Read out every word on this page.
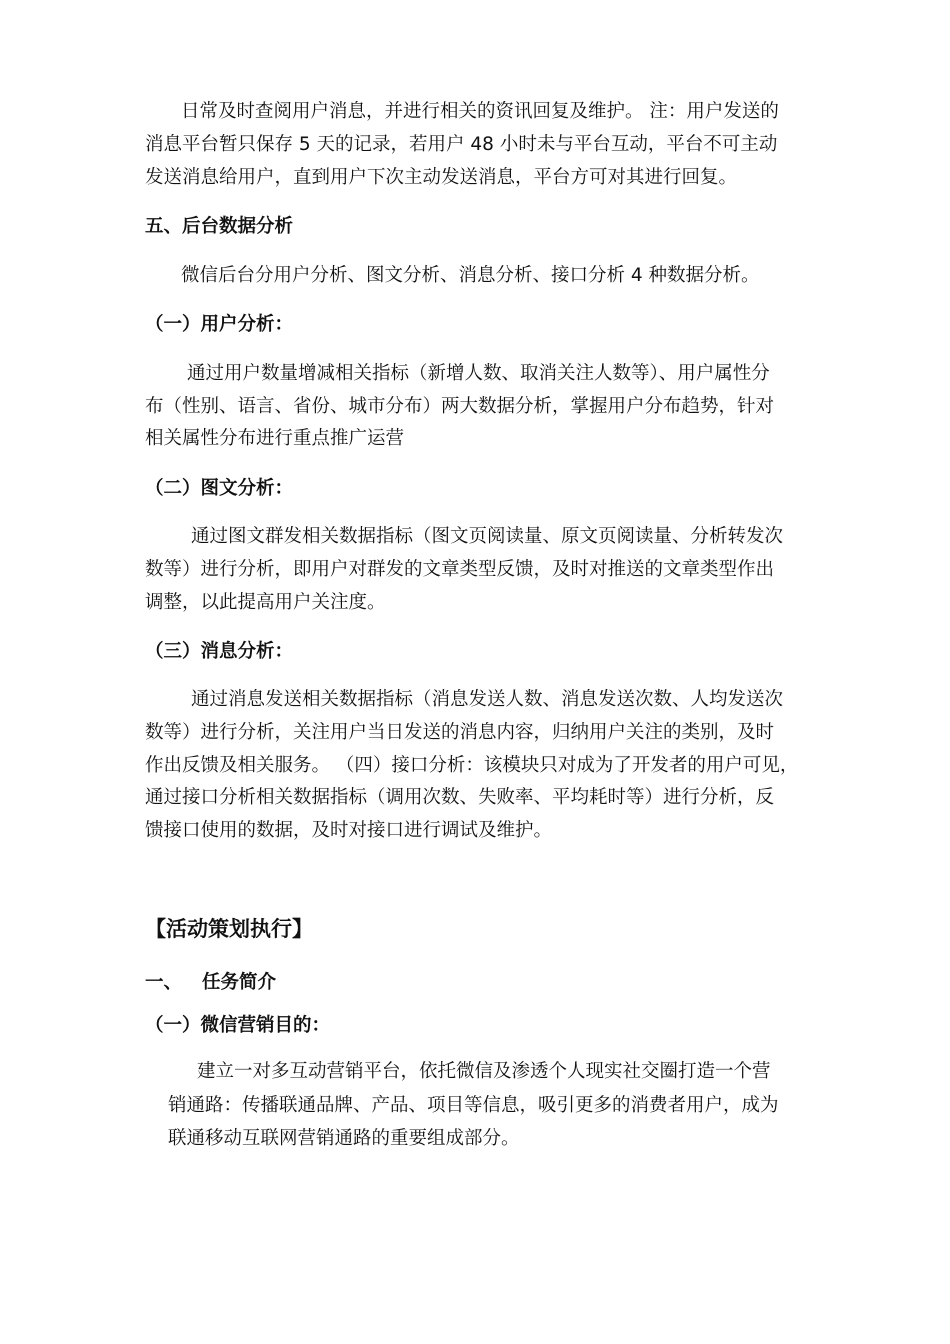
日常及时查阅用户消息，并进行相关的资讯回复及维护。 注：用户发送的

消息平台暂只保存 5 天的记录，若用户 48 小时未与平台互动，平台不可主动

发送消息给用户，直到用户下次主动发送消息，平台方可对其进行回复。

五、后台数据分析

微信后台分用户分析、图文分析、消息分析、接口分析 4 种数据分析。

（一）用户分析：

通过用户数量增减相关指标（新增人数、取消关注人数等）、用户属性分

布（性别、语言、省份、城市分布）两大数据分析，掌握用户分布趋势，针对

相关属性分布进行重点推广运营

（二）图文分析：

通过图文群发相关数据指标（图文页阅读量、原文页阅读量、分析转发次

数等）进行分析，即用户对群发的文章类型反馈，及时对推送的文章类型作出

调整，以此提高用户关注度。

（三）消息分析：

通过消息发送相关数据指标（消息发送人数、消息发送次数、人均发送次

数等）进行分析，关注用户当日发送的消息内容，归纳用户关注的类别，及时

作出反馈及相关服务。 （四）接口分析：该模块只对成为了开发者的用户可见，

通过接口分析相关数据指标（调用次数、失败率、平均耗时等）进行分析，反

馈接口使用的数据，及时对接口进行调试及维护。

【活动策划执行】

一、 任务简介

（一）微信营销目的：

建立一对多互动营销平台，依托微信及渗透个人现实社交圈打造一个营

销通路：传播联通品牌、产品、项目等信息，吸引更多的消费者用户，成为

联通移动互联网营销通路的重要组成部分。
